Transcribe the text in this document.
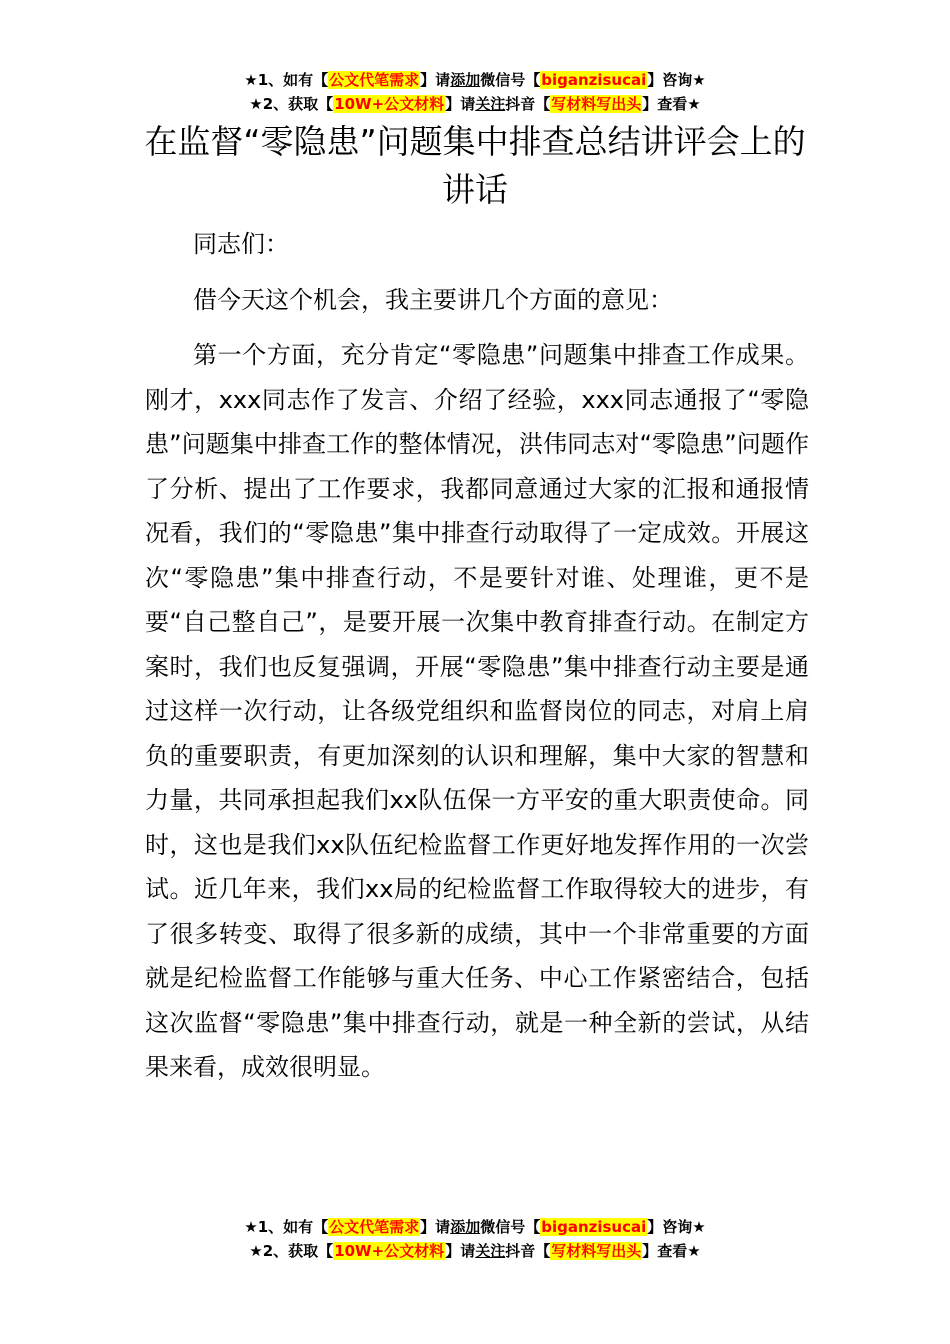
★1、如有【公文代笔需求】请添加微信号【biganzisucai】咨询★
★2、获取【10W+公文材料】请关注抖音【写材料写出头】查看★
在监督“零隐患”问题集中排查总结讲评会上的讲话

同志们：

借今天这个机会，我主要讲几个方面的意见：

第一个方面，充分肯定“零隐患”问题集中排查工作成果。刚才，xxx同志作了发言、介绍了经验，xxx同志通报了“零隐患”问题集中排查工作的整体情况，洪伟同志对“零隐患”问题作了分析、提出了工作要求，我都同意通过大家的汇报和通报情况看，我们的“零隐患”集中排查行动取得了一定成效。开展这次“零隐患”集中排查行动，不是要针对谁、处理谁，更不是要“自己整自己”，是要开展一次集中教育排查行动。在制定方案时，我们也反复强调，开展“零隐患”集中排查行动主要是通过这样一次行动，让各级党组织和监督岗位的同志，对肩上肩负的重要职责，有更加深刻的认识和理解，集中大家的智慧和力量，共同承担起我们xx队伍保一方平安的重大职责使命。同时，这也是我们xx队伍纪检监督工作更好地发挥作用的一次尝试。近几年来，我们xx局的纪检监督工作取得较大的进步，有了很多转变、取得了很多新的成绩，其中一个非常重要的方面就是纪检监督工作能够与重大任务、中心工作紧密结合，包括这次监督“零隐患”集中排查行动，就是一种全新的尝试，从结果来看，成效很明显。

★1、如有【公文代笔需求】请添加微信号【biganzisucai】咨询★
★2、获取【10W+公文材料】请关注抖音【写材料写出头】查看★
